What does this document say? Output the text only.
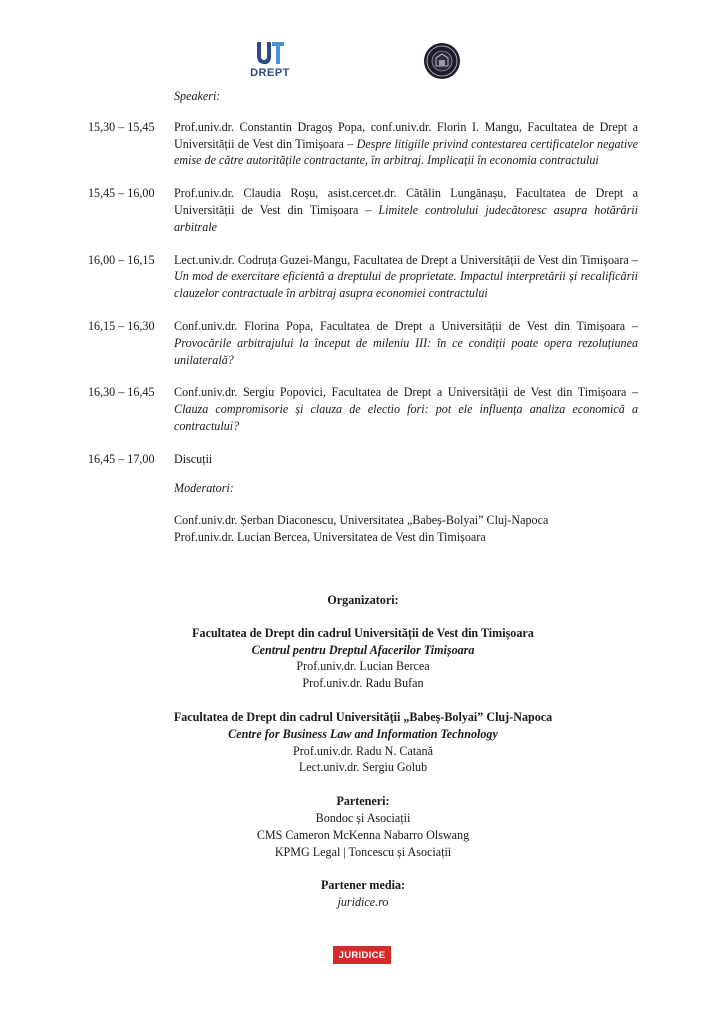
DREPT
Speakeri:
15,30 – 15,45	Prof.univ.dr. Constantin Dragoș Popa, conf.univ.dr. Florin I. Mangu, Facultatea de Drept a Universității de Vest din Timișoara – Despre litigiile privind contestarea certificatelor negative emise de către autoritățile contractante, în arbitraj. Implicații în economia contractului
15,45 – 16,00	Prof.univ.dr. Claudia Roșu, asist.cercet.dr. Cătălin Lungănașu, Facultatea de Drept a Universității de Vest din Timișoara – Limitele controlului judecătoresc asupra hotărârii arbitrale
16,00 – 16,15	Lect.univ.dr. Codruța Guzei-Mangu, Facultatea de Drept a Universității de Vest din Timișoara – Un mod de exercitare eficientă a dreptului de proprietate. Impactul interpretării și recalificării clauzelor contractuale în arbitraj asupra economiei contractului
16,15 – 16,30	Conf.univ.dr. Florina Popa, Facultatea de Drept a Universității de Vest din Timișoara – Provocările arbitrajului la început de mileniu III: în ce condiții poate opera rezoluțiunea unilaterală?
16,30 – 16,45	Conf.univ.dr. Sergiu Popovici, Facultatea de Drept a Universității de Vest din Timișoara – Clauza compromisorie și clauza de electio fori: pot ele influența analiza economică a contractului?
16,45 – 17,00	Discuții
Moderatori:
Conf.univ.dr. Șerban Diaconescu, Universitatea „Babeș-Bolyai” Cluj-Napoca
Prof.univ.dr. Lucian Bercea, Universitatea de Vest din Timișoara
Organizatori:
Facultatea de Drept din cadrul Universității de Vest din Timișoara
Centrul pentru Dreptul Afacerilor Timișoara
Prof.univ.dr. Lucian Bercea
Prof.univ.dr. Radu Bufan
Facultatea de Drept din cadrul Universității „Babeș-Bolyai” Cluj-Napoca
Centre for Business Law and Information Technology
Prof.univ.dr. Radu N. Catană
Lect.univ.dr. Sergiu Golub
Parteneri:
Bondoc și Asociații
CMS Cameron McKenna Nabarro Olswang
KPMG Legal | Toncescu și Asociații
Partener media:
juridice.ro
JURIDICE
